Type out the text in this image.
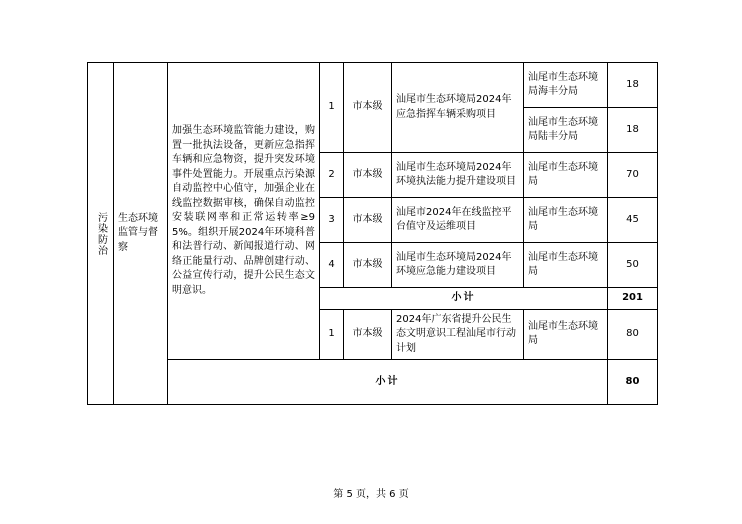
污染防治	生态环境监管与督察	加强生态环境监管能力建设，购置一批执法设备，更新应急指挥车辆和应急物资，提升突发环境事件处置能力。开展重点污染源自动监控中心值守，加强企业在线监控数据审核，确保自动监控安装联网率和正常运转率≥95%。组织开展2024年环境科普和法普行动、新闻报道行动、网络正能量行动、品牌创建行动、公益宣传行动，提升公民生态文明意识。	1	市本级	汕尾市生态环境局2024年应急指挥车辆采购项目	汕尾市生态环境局海丰分局	18
						汕尾市生态环境局陆丰分局	18
			2	市本级	汕尾市生态环境局2024年环境执法能力提升建设项目	汕尾市生态环境局	70
			3	市本级	汕尾市2024年在线监控平台值守及运维项目	汕尾市生态环境局	45
			4	市本级	汕尾市生态环境局2024年环境应急能力建设项目	汕尾市生态环境局	50
			小计				201
			1	市本级	2024年广东省提升公民生态文明意识工程汕尾市行动计划	汕尾市生态环境局	80
		小计					80
第 5 页，共 6 页
